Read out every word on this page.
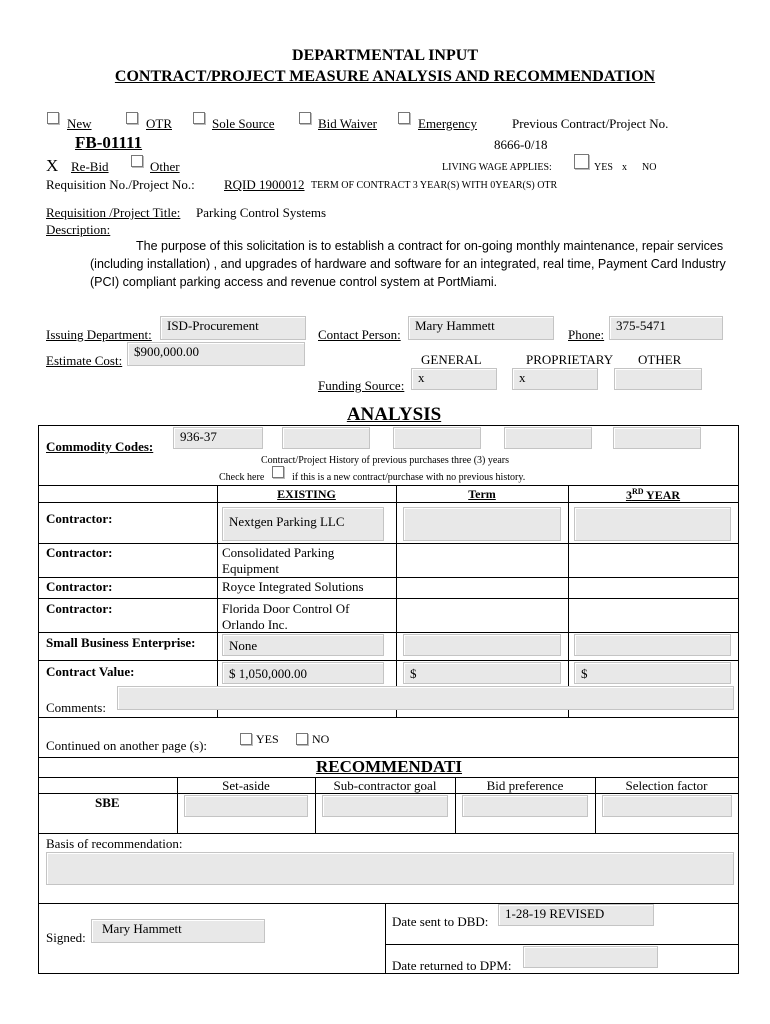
DEPARTMENTAL INPUT
CONTRACT/PROJECT MEASURE ANALYSIS AND RECOMMENDATION
New	OTR	Sole Source	Bid Waiver	Emergency	Previous Contract/Project No.
FB-01111	8666-0/18
X Re-Bid	Other	LIVING WAGE APPLIES:	YES x NO
Requisition No./Project No.: RQID 1900012 TERM OF CONTRACT 3 YEAR(S) WITH 0YEAR(S) OTR
Requisition /Project Title: Parking Control Systems
Description:
The purpose of this solicitation is to establish a contract for on-going monthly maintenance, repair services
(including installation) , and upgrades of hardware and software for an integrated, real time, Payment Card Industry
(PCI) compliant parking access and revenue control system at PortMiami.
Issuing Department:
ISD-Procurement
Contact Person:
Mary Hammett
Phone:
375-5471
Estimate Cost:
$900,000.00
GENERAL	PROPRIETARY OTHER
Funding Source:
x	x
ANALYSIS
Commodity Codes:
936-37
Contract/Project History of previous purchases three (3) years
Check here	if this is a new contract/purchase with no previous history.
EXISTING	Term	3RD YEAR
Contractor:	Nextgen Parking LLC
Contractor:	Consolidated Parking
Equipment
Contractor:	Royce Integrated Solutions
Contractor:	Florida Door Control Of
Orlando Inc.
Small Business Enterprise:	None
Contract Value:	$ 1,050,000.00	$	$
Comments:
Continued on another page (s):	YES	NO
RECOMMENDATI
Set-aside	Sub-contractor goal	Bid preference	Selection factor
SBE
Basis of recommendation:
Signed:
Mary Hammett	Date sent to DBD:
1-28-19 REVISED
Date returned to DPM:
